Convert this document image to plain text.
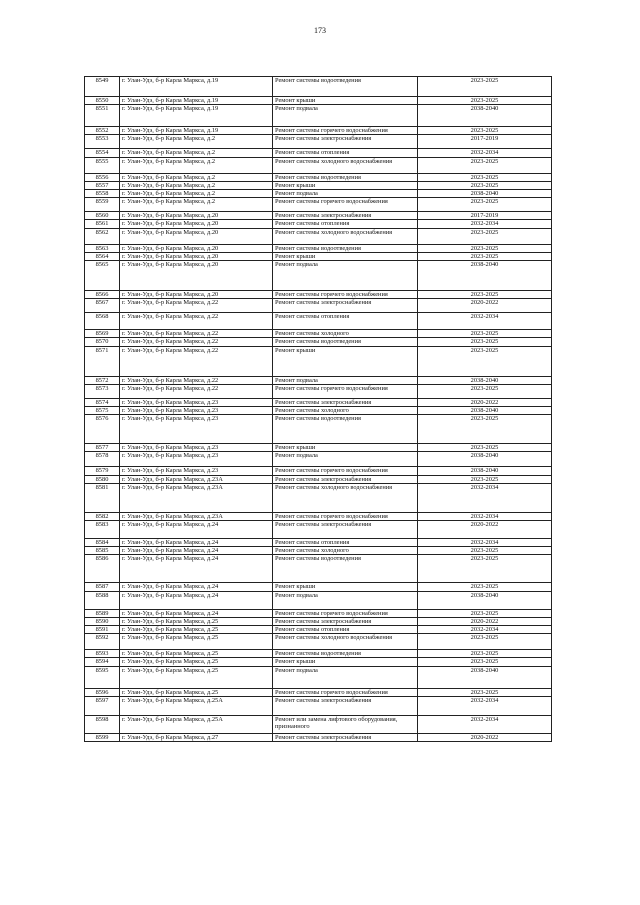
173
8549	г. Улан-Удэ, б-р Карла Маркса, д.19	Ремонт системы водоотведения	2023-2025
8550	г. Улан-Удэ, б-р Карла Маркса, д.19	Ремонт крыши	2023-2025
8551	г. Улан-Удэ, б-р Карла Маркса, д.19	Ремонт подвала	2038-2040
8552	г. Улан-Удэ, б-р Карла Маркса, д.19	Ремонт системы горячего водоснабжения	2023-2025
8553	г. Улан-Удэ, б-р Карла Маркса, д.2	Ремонт системы электроснабжения	2017-2019
8554	г. Улан-Удэ, б-р Карла Маркса, д.2	Ремонт системы отопления	2032-2034
8555	г. Улан-Удэ, б-р Карла Маркса, д.2	Ремонт системы холодного водоснабжения	2023-2025
8556	г. Улан-Удэ, б-р Карла Маркса, д.2	Ремонт системы водоотведения	2023-2025
8557	г. Улан-Удэ, б-р Карла Маркса, д.2	Ремонт крыши	2023-2025
8558	г. Улан-Удэ, б-р Карла Маркса, д.2	Ремонт подвала	2038-2040
8559	г. Улан-Удэ, б-р Карла Маркса, д.2	Ремонт системы горячего водоснабжения	2023-2025
8560	г. Улан-Удэ, б-р Карла Маркса, д.20	Ремонт системы электроснабжения	2017-2019
8561	г. Улан-Удэ, б-р Карла Маркса, д.20	Ремонт системы отопления	2032-2034
8562	г. Улан-Удэ, б-р Карла Маркса, д.20	Ремонт системы холодного водоснабжения	2023-2025
8563	г. Улан-Удэ, б-р Карла Маркса, д.20	Ремонт системы водоотведения	2023-2025
8564	г. Улан-Удэ, б-р Карла Маркса, д.20	Ремонт крыши	2023-2025
8565	г. Улан-Удэ, б-р Карла Маркса, д.20	Ремонт подвала	2038-2040
8566	г. Улан-Удэ, б-р Карла Маркса, д.20	Ремонт системы горячего водоснабжения	2023-2025
8567	г. Улан-Удэ, б-р Карла Маркса, д.22	Ремонт системы электроснабжения	2020-2022
8568	г. Улан-Удэ, б-р Карла Маркса, д.22	Ремонт системы отопления	2032-2034
8569	г. Улан-Удэ, б-р Карла Маркса, д.22	Ремонт системы холодного	2023-2025
8570	г. Улан-Удэ, б-р Карла Маркса, д.22	Ремонт системы водоотведения	2023-2025
8571	г. Улан-Удэ, б-р Карла Маркса, д.22	Ремонт крыши	2023-2025
8572	г. Улан-Удэ, б-р Карла Маркса, д.22	Ремонт подвала	2038-2040
8573	г. Улан-Удэ, б-р Карла Маркса, д.22	Ремонт системы горячего водоснабжения	2023-2025
8574	г. Улан-Удэ, б-р Карла Маркса, д.23	Ремонт системы электроснабжения	2020-2022
8575	г. Улан-Удэ, б-р Карла Маркса, д.23	Ремонт системы холодного	2038-2040
8576	г. Улан-Удэ, б-р Карла Маркса, д.23	Ремонт системы водоотведения	2023-2025
8577	г. Улан-Удэ, б-р Карла Маркса, д.23	Ремонт крыши	2023-2025
8578	г. Улан-Удэ, б-р Карла Маркса, д.23	Ремонт подвала	2038-2040
8579	г. Улан-Удэ, б-р Карла Маркса, д.23	Ремонт системы горячего водоснабжения	2038-2040
8580	г. Улан-Удэ, б-р Карла Маркса, д.23А	Ремонт системы электроснабжения	2023-2025
8581	г. Улан-Удэ, б-р Карла Маркса, д.23А	Ремонт системы холодного водоснабжения	2032-2034
8582	г. Улан-Удэ, б-р Карла Маркса, д.23А	Ремонт системы горячего водоснабжения	2032-2034
8583	г. Улан-Удэ, б-р Карла Маркса, д.24	Ремонт системы электроснабжения	2020-2022
8584	г. Улан-Удэ, б-р Карла Маркса, д.24	Ремонт системы отопления	2032-2034
8585	г. Улан-Удэ, б-р Карла Маркса, д.24	Ремонт системы холодного	2023-2025
8586	г. Улан-Удэ, б-р Карла Маркса, д.24	Ремонт системы водоотведения	2023-2025
8587	г. Улан-Удэ, б-р Карла Маркса, д.24	Ремонт крыши	2023-2025
8588	г. Улан-Удэ, б-р Карла Маркса, д.24	Ремонт подвала	2038-2040
8589	г. Улан-Удэ, б-р Карла Маркса, д.24	Ремонт системы горячего водоснабжения	2023-2025
8590	г. Улан-Удэ, б-р Карла Маркса, д.25	Ремонт системы электроснабжения	2020-2022
8591	г. Улан-Удэ, б-р Карла Маркса, д.25	Ремонт системы отопления	2032-2034
8592	г. Улан-Удэ, б-р Карла Маркса, д.25	Ремонт системы холодного водоснабжения	2023-2025
8593	г. Улан-Удэ, б-р Карла Маркса, д.25	Ремонт системы водоотведения	2023-2025
8594	г. Улан-Удэ, б-р Карла Маркса, д.25	Ремонт крыши	2023-2025
8595	г. Улан-Удэ, б-р Карла Маркса, д.25	Ремонт подвала	2038-2040
8596	г. Улан-Удэ, б-р Карла Маркса, д.25	Ремонт системы горячего водоснабжения	2023-2025
8597	г. Улан-Удэ, б-р Карла Маркса, д.25А	Ремонт системы электроснабжения	2032-2034
8598	г. Улан-Удэ, б-р Карла Маркса, д.25А	Ремонт или замена лифтового оборудования, признанного	2032-2034
8599	г. Улан-Удэ, б-р Карла Маркса, д.27	Ремонт системы электроснабжения	2020-2022
